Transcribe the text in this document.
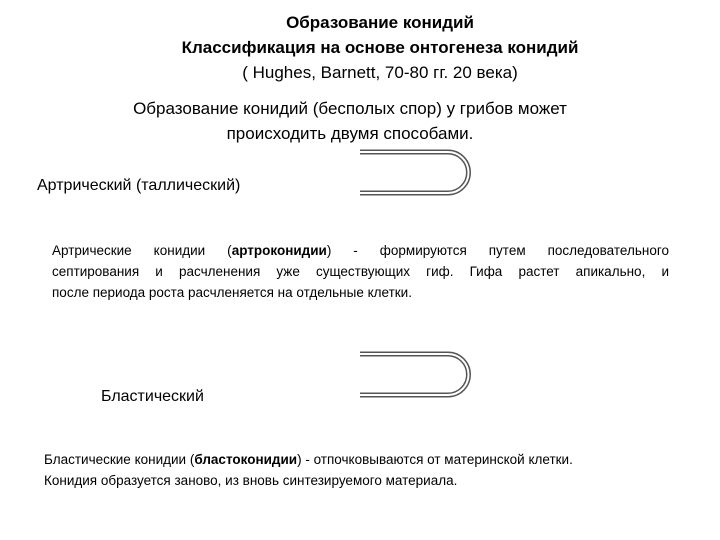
Образование конидий
Классификация на основе онтогенеза конидий
( Hughes, Barnett, 70-80 гг. 20 века)
Образование конидий (бесполых спор) у грибов может
происходить двумя способами.
Артрический (таллический)
Артрические конидии (артроконидии) - формируются путем последовательного
септирования и расчленения уже существующих гиф. Гифа растет апикально, и
после периода роста расчленяется на отдельные клетки.
Бластический
Бластические конидии (бластоконидии) - отпочковываются от материнской клетки.
Конидия образуется заново, из вновь синтезируемого материала.
